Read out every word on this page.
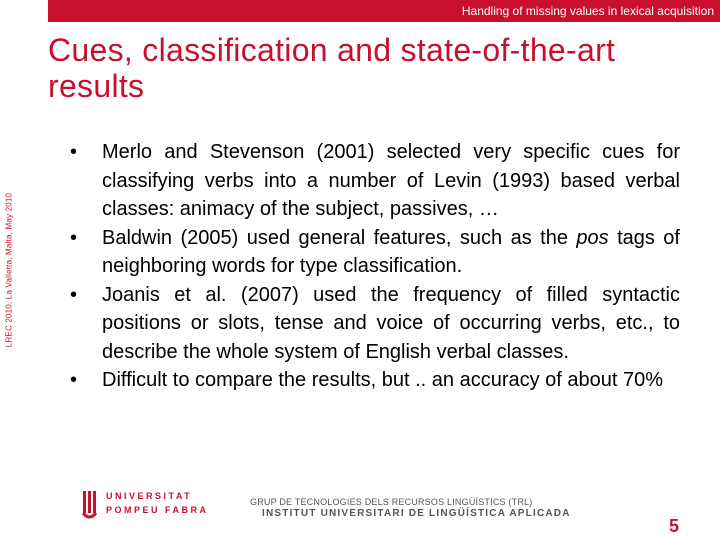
Handling of missing values in lexical acquisition
LREC 2010, La Valletta, Malta, May 2010
Cues, classification and state-of-the-art results
• Merlo and Stevenson (2001) selected very specific cues for classifying verbs into a number of Levin (1993) based verbal classes: animacy of the subject, passives, …
• Baldwin (2005) used general features, such as the pos tags of neighboring words for type classification.
• Joanis et al. (2007) used the frequency of filled syntactic positions or slots, tense and voice of occurring verbs, etc., to describe the whole system of English verbal classes.
• Difficult to compare the results, but .. an accuracy of about 70%
UNIVERSITAT
POMPEU FABRA
GRUP DE TECNOLOGIES DELS RECURSOS LINGÜÍSTICS (TRL)
INSTITUT UNIVERSITARI DE LINGÜÍSTICA APLICADA
5
